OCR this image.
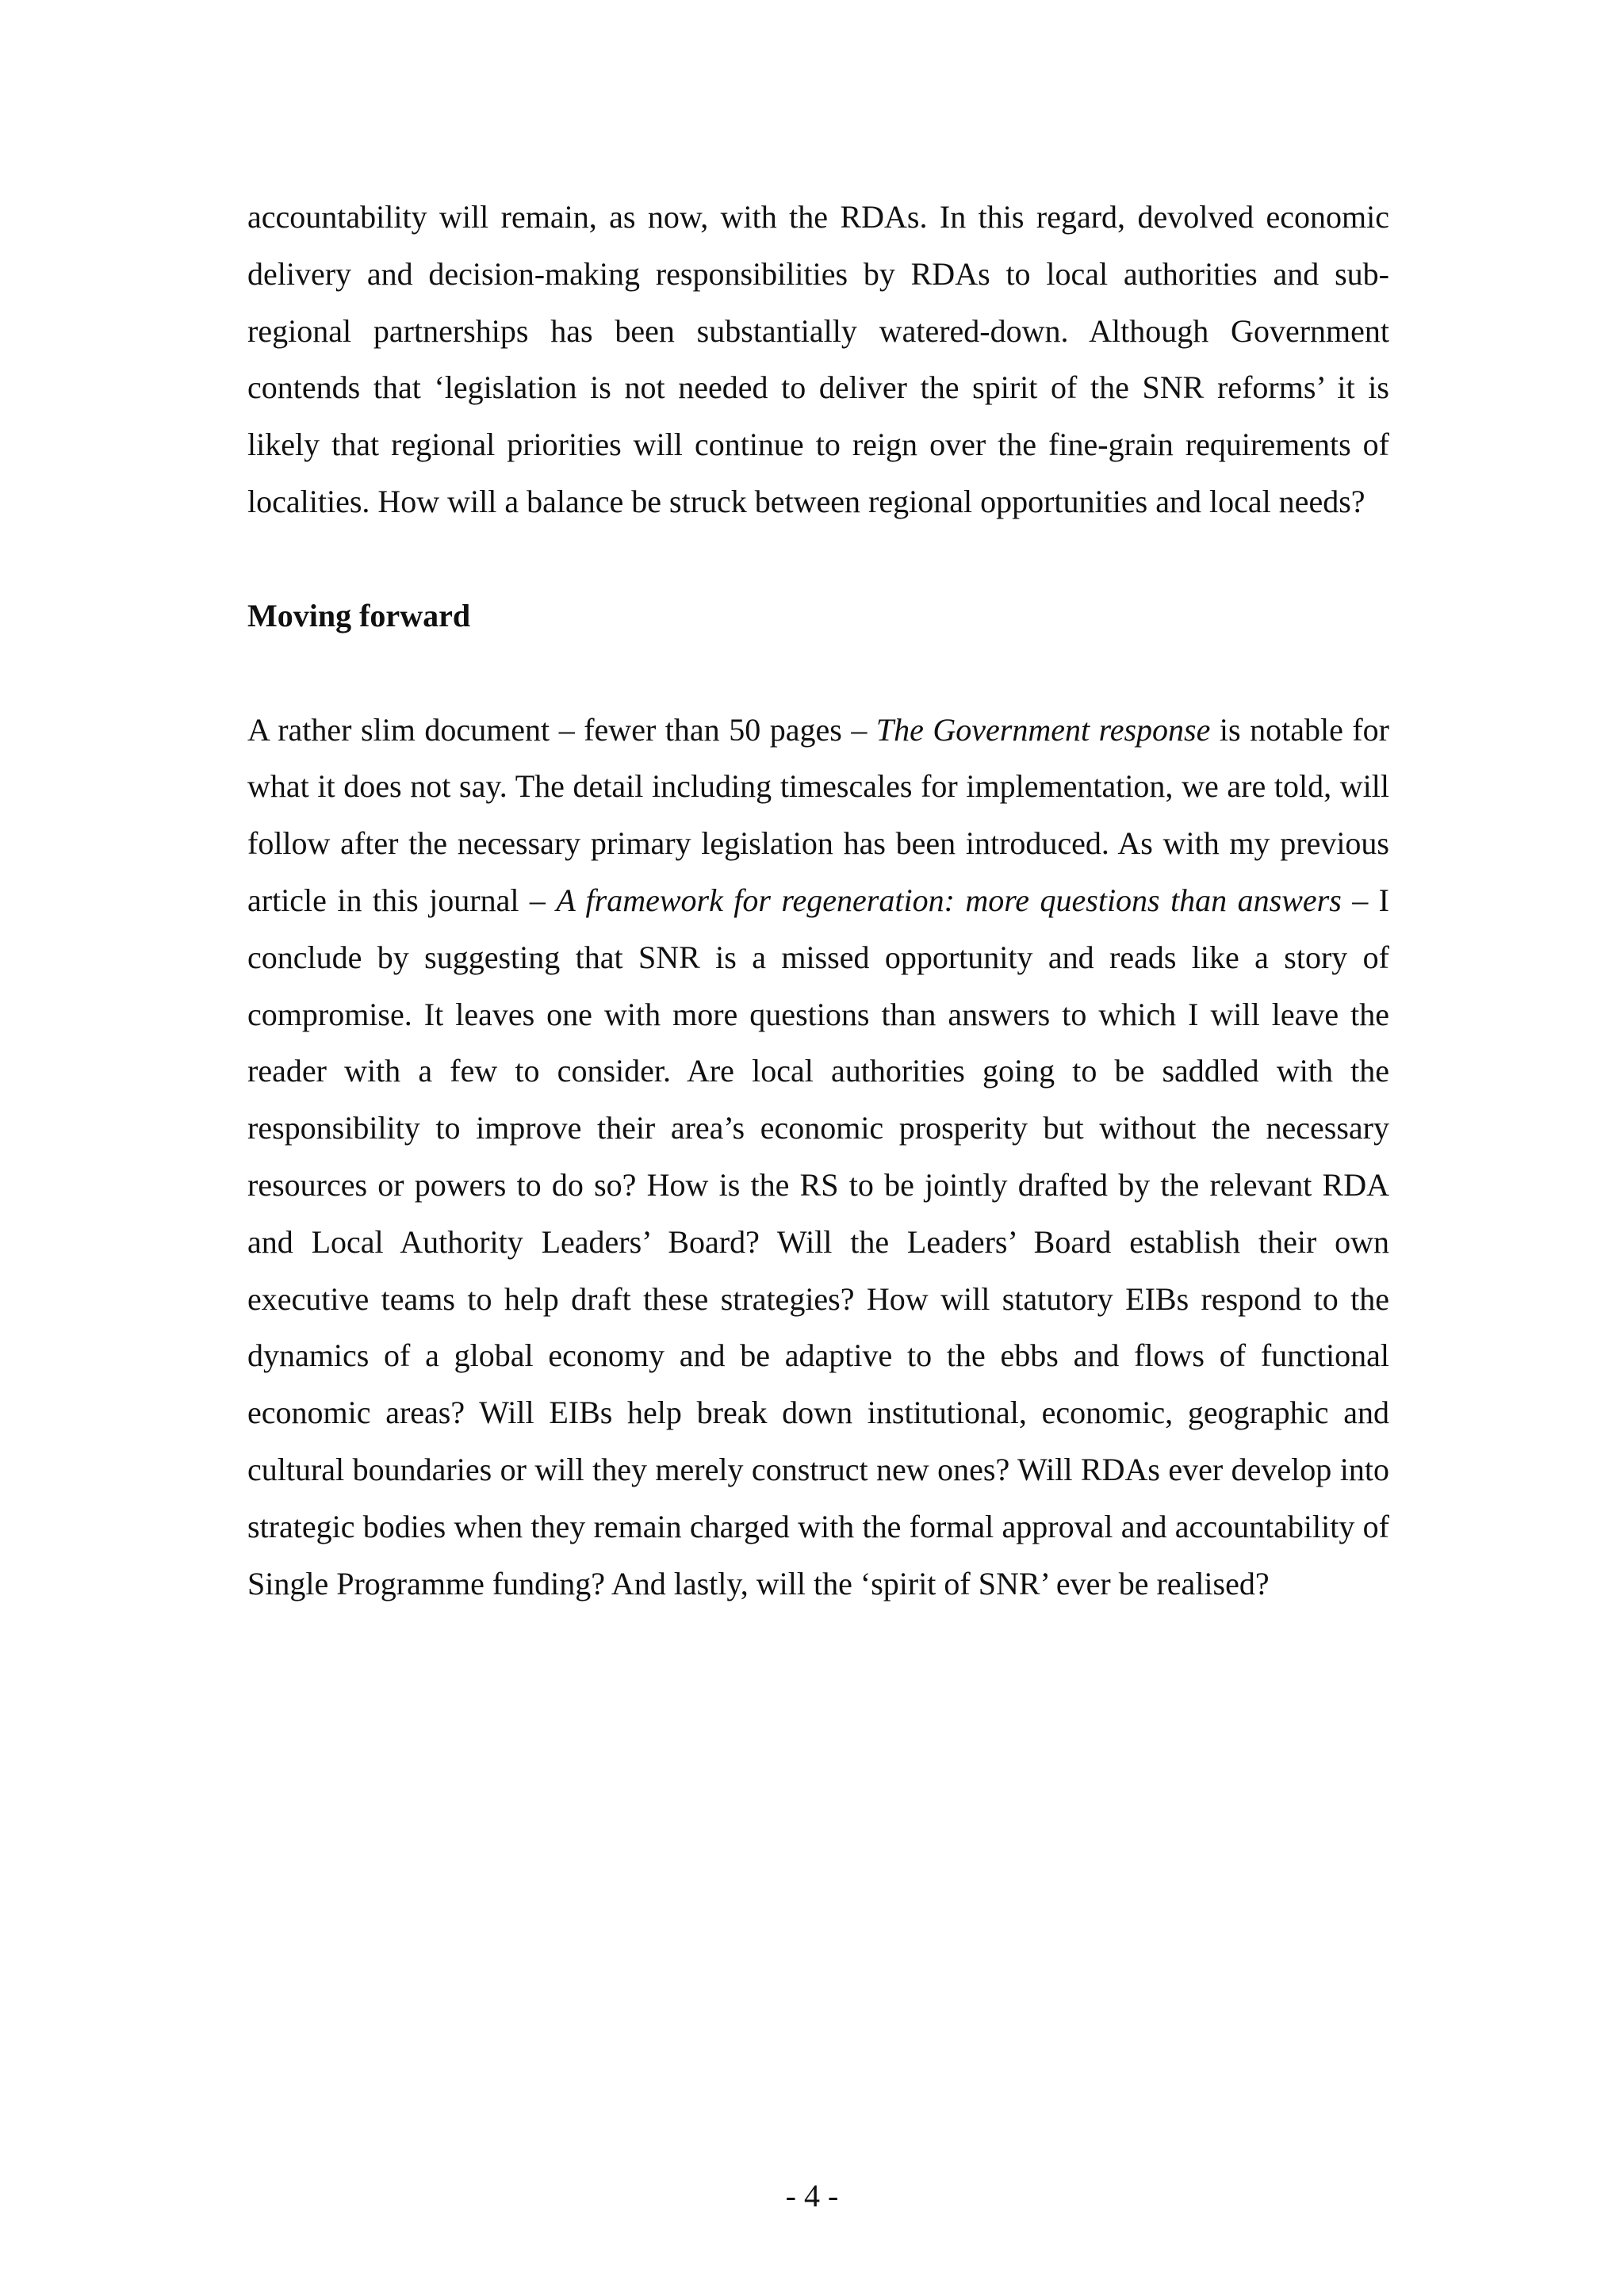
accountability will remain, as now, with the RDAs. In this regard, devolved economic delivery and decision-making responsibilities by RDAs to local authorities and sub-regional partnerships has been substantially watered-down. Although Government contends that ‘legislation is not needed to deliver the spirit of the SNR reforms’ it is likely that regional priorities will continue to reign over the fine-grain requirements of localities. How will a balance be struck between regional opportunities and local needs?

Moving forward

A rather slim document – fewer than 50 pages – The Government response is notable for what it does not say. The detail including timescales for implementation, we are told, will follow after the necessary primary legislation has been introduced. As with my previous article in this journal – A framework for regeneration: more questions than answers – I conclude by suggesting that SNR is a missed opportunity and reads like a story of compromise. It leaves one with more questions than answers to which I will leave the reader with a few to consider. Are local authorities going to be saddled with the responsibility to improve their area’s economic prosperity but without the necessary resources or powers to do so? How is the RS to be jointly drafted by the relevant RDA and Local Authority Leaders’ Board? Will the Leaders’ Board establish their own executive teams to help draft these strategies? How will statutory EIBs respond to the dynamics of a global economy and be adaptive to the ebbs and flows of functional economic areas? Will EIBs help break down institutional, economic, geographic and cultural boundaries or will they merely construct new ones? Will RDAs ever develop into strategic bodies when they remain charged with the formal approval and accountability of Single Programme funding? And lastly, will the ‘spirit of SNR’ ever be realised?

- 4 -
